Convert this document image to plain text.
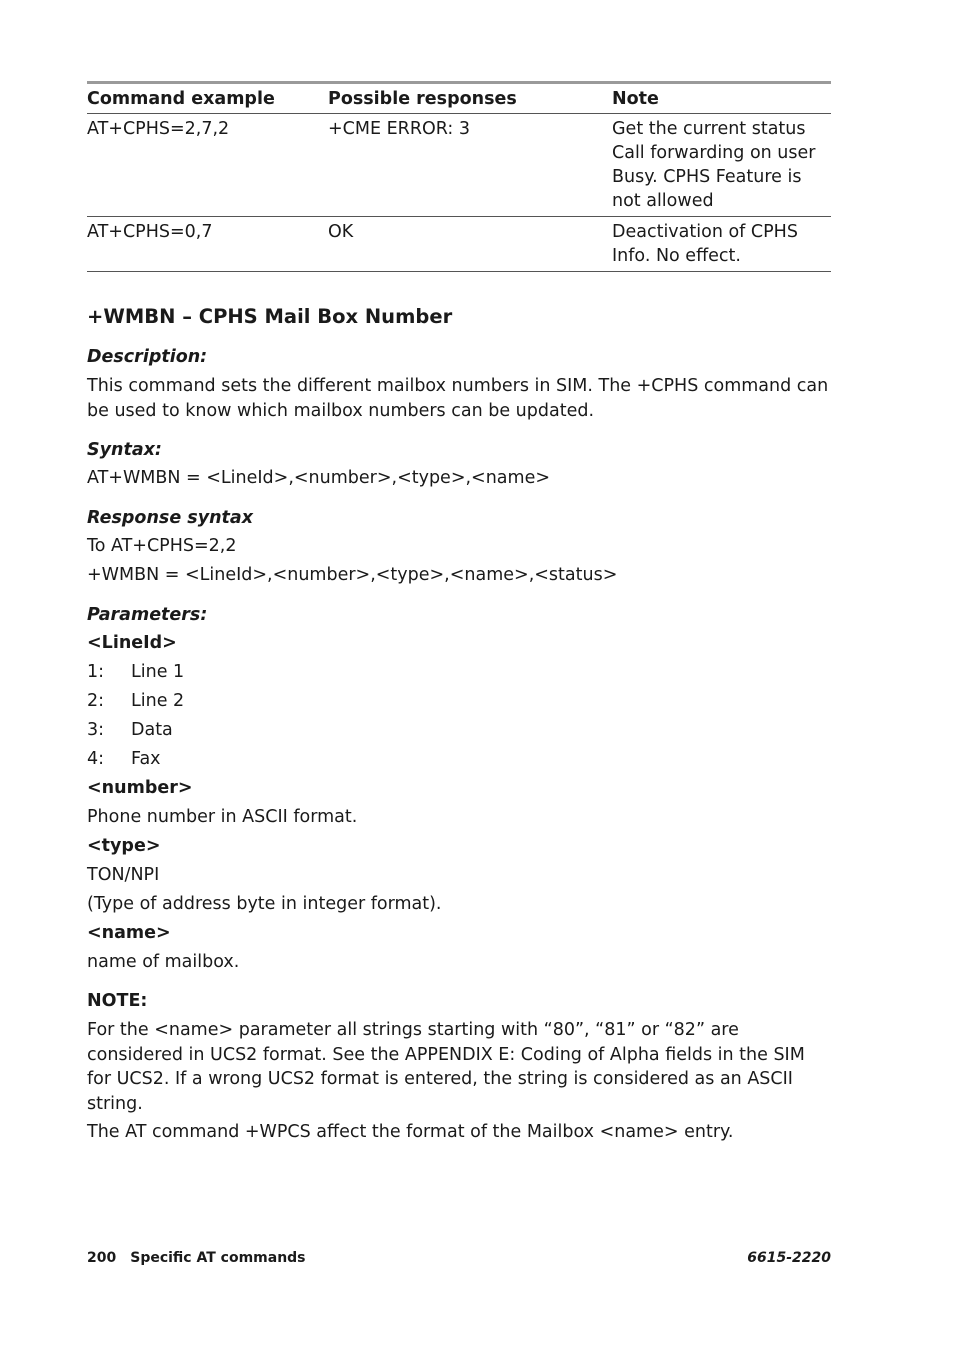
Command example	Possible responses	Note
AT+CPHS=2,7,2	+CME ERROR: 3	Get the current status Call forwarding on user Busy. CPHS Feature is not allowed
AT+CPHS=0,7	OK	Deactivation of CPHS Info. No effect.
+WMBN – CPHS Mail Box Number
Description:

This command sets the different mailbox numbers in SIM. The +CPHS command can be used to know which mailbox numbers can be updated.

Syntax:

AT+WMBN = <LineId>,<number>,<type>,<name>

Response syntax

To AT+CPHS=2,2

+WMBN = <LineId>,<number>,<type>,<name>,<status>

Parameters:
<LineId>
1:	Line 1
2:	Line 2
3:	Data
4:	Fax
<number>

Phone number in ASCII format.

<type>

TON/NPI

(Type of address byte in integer format).

<name>

name of mailbox.

NOTE:

For the <name> parameter all strings starting with “80”, “81” or “82” are considered in UCS2 format. See the APPENDIX E: Coding of Alpha fields in the SIM for UCS2. If a wrong UCS2 format is entered, the string is considered as an ASCII string.

The AT command +WPCS affect the format of the Mailbox <name> entry.

200 Specific AT commands	6615-2220
